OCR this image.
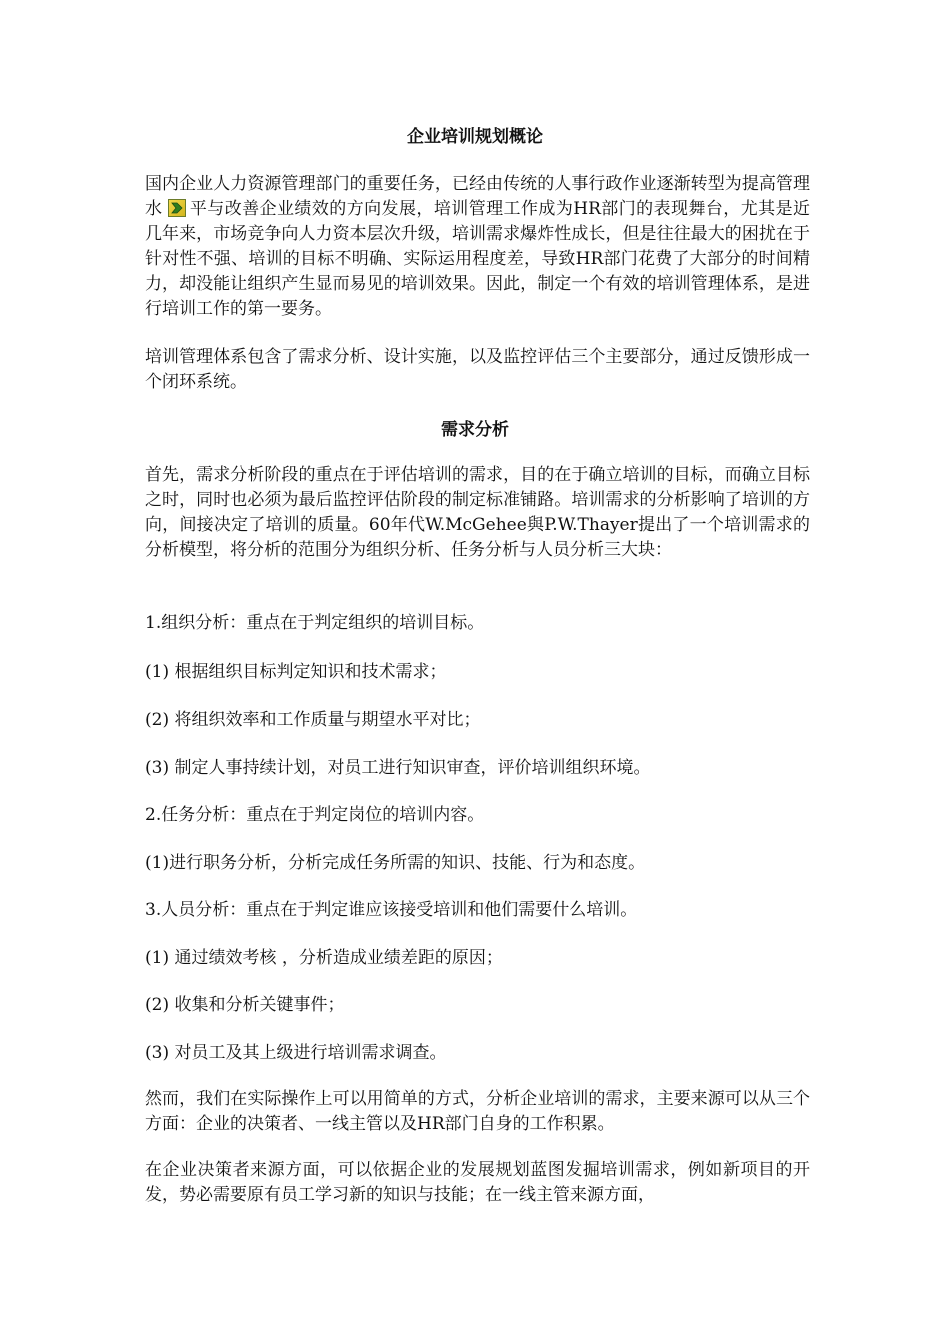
企业培训规划概论

国内企业人力资源管理部门的重要任务，已经由传统的人事行政作业逐渐转型为提高管理水 平与改善企业绩效的方向发展，培训管理工作成为HR部门的表现舞台，尤其是近几年来，市场竞争向人力资本层次升级，培训需求爆炸性成长，但是往往最大的困扰在于针对性不强、培训的目标不明确、实际运用程度差，导致HR部门花费了大部分的时间精力，却没能让组织产生显而易见的培训效果。因此，制定一个有效的培训管理体系，是进行培训工作的第一要务。

培训管理体系包含了需求分析、设计实施，以及监控评估三个主要部分，通过反馈形成一个闭环系统。

需求分析

首先，需求分析阶段的重点在于评估培训的需求，目的在于确立培训的目标，而确立目标之时，同时也必须为最后监控评估阶段的制定标准铺路。培训需求的分析影响了培训的方向，间接决定了培训的质量。60年代W.McGehee與P.W.Thayer提出了一个培训需求的分析模型，将分析的范围分为组织分析、任务分析与人员分析三大块：

1.组织分析：重点在于判定组织的培训目标。

(1) 根据组织目标判定知识和技术需求；

(2) 将组织效率和工作质量与期望水平对比；

(3) 制定人事持续计划，对员工进行知识审查，评价培训组织环境。

2.任务分析：重点在于判定岗位的培训内容。

(1)进行职务分析，分析完成任务所需的知识、技能、行为和态度。

3.人员分析：重点在于判定谁应该接受培训和他们需要什么培训。

(1) 通过绩效考核 ，分析造成业绩差距的原因；

(2) 收集和分析关键事件；

(3) 对员工及其上级进行培训需求调查。

然而，我们在实际操作上可以用简单的方式，分析企业培训的需求，主要来源可以从三个方面：企业的决策者、一线主管以及HR部门自身的工作积累。

在企业决策者来源方面，可以依据企业的发展规划蓝图发掘培训需求，例如新项目的开发，势必需要原有员工学习新的知识与技能；在一线主管来源方面，
